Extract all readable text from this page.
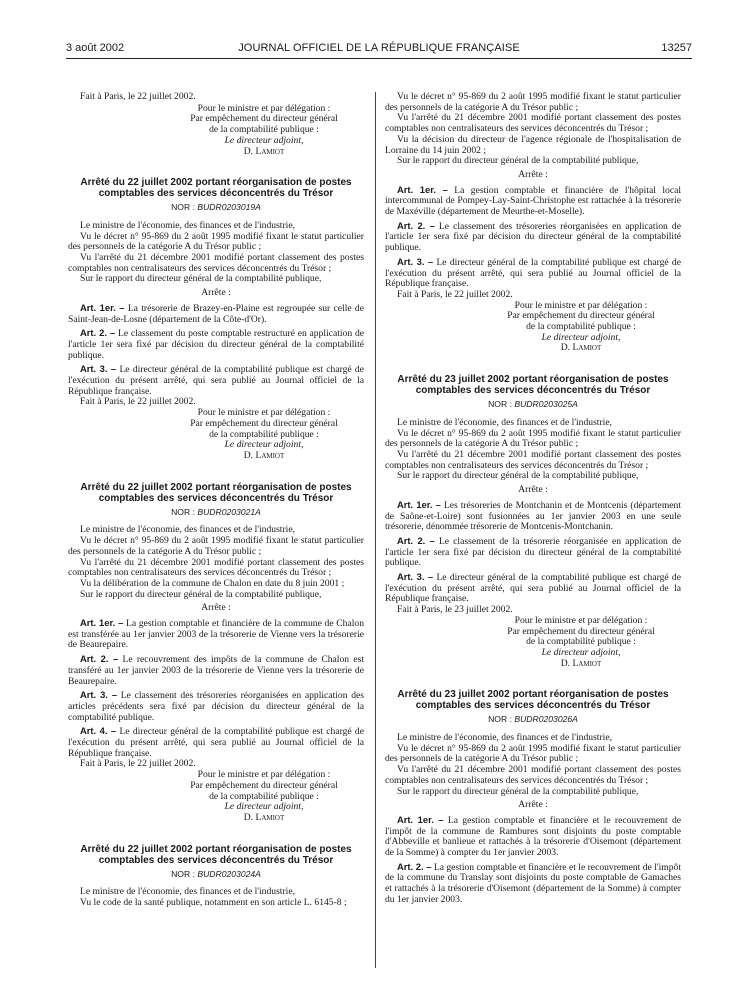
3 août 2002	JOURNAL OFFICIEL DE LA RÉPUBLIQUE FRANÇAISE	13257

Fait à Paris, le 22 juillet 2002.

Pour le ministre et par délégation :
Par empêchement du directeur général
de la comptabilité publique :
Le directeur adjoint,
D. Lamiot
Arrêté du 22 juillet 2002 portant réorganisation de postes comptables des services déconcentrés du Trésor
NOR : BUDR0203019A

Le ministre de l'économie, des finances et de l'industrie,

Vu le décret n° 95-869 du 2 août 1995 modifié fixant le statut particulier des personnels de la catégorie A du Trésor public ;

Vu l'arrêté du 21 décembre 2001 modifié portant classement des postes comptables non centralisateurs des services déconcentrés du Trésor ;

Sur le rapport du directeur général de la comptabilité publique,

Arrête :

Art. 1er. – La trésorerie de Brazey-en-Plaine est regroupée sur celle de Saint-Jean-de-Losne (département de la Côte-d'Or).

Art. 2. – Le classement du poste comptable restructuré en application de l'article 1er sera fixé par décision du directeur général de la comptabilité publique.

Art. 3. – Le directeur général de la comptabilité publique est chargé de l'exécution du présent arrêté, qui sera publié au Journal officiel de la République française.

Fait à Paris, le 22 juillet 2002.

Pour le ministre et par délégation :
Par empêchement du directeur général
de la comptabilité publique :
Le directeur adjoint,
D. Lamiot
Arrêté du 22 juillet 2002 portant réorganisation de postes comptables des services déconcentrés du Trésor
NOR : BUDR0203021A

Le ministre de l'économie, des finances et de l'industrie,

Vu le décret n° 95-869 du 2 août 1995 modifié fixant le statut particulier des personnels de la catégorie A du Trésor public ;

Vu l'arrêté du 21 décembre 2001 modifié portant classement des postes comptables non centralisateurs des services déconcentrés du Trésor ;

Vu la délibération de la commune de Chalon en date du 8 juin 2001 ;

Sur le rapport du directeur général de la comptabilité publique,

Arrête :

Art. 1er. – La gestion comptable et financière de la commune de Chalon est transférée au 1er janvier 2003 de la trésorerie de Vienne vers la trésorerie de Beaurepaire.

Art. 2. – Le recouvrement des impôts de la commune de Chalon est transféré au 1er janvier 2003 de la trésorerie de Vienne vers la trésorerie de Beaurepaire.

Art. 3. – Le classement des trésoreries réorganisées en application des articles précédents sera fixé par décision du directeur général de la comptabilité publique.

Art. 4. – Le directeur général de la comptabilité publique est chargé de l'exécution du présent arrêté, qui sera publié au Journal officiel de la République française.

Fait à Paris, le 22 juillet 2002.

Pour le ministre et par délégation :
Par empêchement du directeur général
de la comptabilité publique :
Le directeur adjoint,
D. Lamiot
Arrêté du 22 juillet 2002 portant réorganisation de postes comptables des services déconcentrés du Trésor
NOR : BUDR0203024A

Le ministre de l'économie, des finances et de l'industrie,

Vu le code de la santé publique, notamment en son article L. 6145-8 ;

Vu le décret n° 95-869 du 2 août 1995 modifié fixant le statut particulier des personnels de la catégorie A du Trésor public ;

Vu l'arrêté du 21 décembre 2001 modifié portant classement des postes comptables non centralisateurs des services déconcentrés du Trésor ;

Vu la décision du directeur de l'agence régionale de l'hospitalisation de Lorraine du 14 juin 2002 ;

Sur le rapport du directeur général de la comptabilité publique,

Arrête :

Art. 1er. – La gestion comptable et financière de l'hôpital local intercommunal de Pompey-Lay-Saint-Christophe est rattachée à la trésorerie de Maxéville (département de Meurthe-et-Moselle).

Art. 2. – Le classement des trésoreries réorganisées en application de l'article 1er sera fixé par décision du directeur général de la comptabilité publique.

Art. 3. – Le directeur général de la comptabilité publique est chargé de l'exécution du présent arrêté, qui sera publié au Journal officiel de la République française.

Fait à Paris, le 22 juillet 2002.

Pour le ministre et par délégation :
Par empêchement du directeur général
de la comptabilité publique :
Le directeur adjoint,
D. Lamiot
Arrêté du 23 juillet 2002 portant réorganisation de postes comptables des services déconcentrés du Trésor
NOR : BUDR0203025A

Le ministre de l'économie, des finances et de l'industrie,

Vu le décret n° 95-869 du 2 août 1995 modifié fixant le statut particulier des personnels de la catégorie A du Trésor public ;

Vu l'arrêté du 21 décembre 2001 modifié portant classement des postes comptables non centralisateurs des services déconcentrés du Trésor ;

Sur le rapport du directeur général de la comptabilité publique,

Arrête :

Art. 1er. – Les trésoreries de Montchanin et de Montcenis (département de Saône-et-Loire) sont fusionnées au 1er janvier 2003 en une seule trésorerie, dénommée trésorerie de Montcenis-Montchanin.

Art. 2. – Le classement de la trésorerie réorganisée en application de l'article 1er sera fixé par décision du directeur général de la comptabilité publique.

Art. 3. – Le directeur général de la comptabilité publique est chargé de l'exécution du présent arrêté, qui sera publié au Journal officiel de la République française.

Fait à Paris, le 23 juillet 2002.

Pour le ministre et par délégation :
Par empêchement du directeur général
de la comptabilité publique :
Le directeur adjoint,
D. Lamiot
Arrêté du 23 juillet 2002 portant réorganisation de postes comptables des services déconcentrés du Trésor
NOR : BUDR0203026A

Le ministre de l'économie, des finances et de l'industrie,

Vu le décret n° 95-869 du 2 août 1995 modifié fixant le statut particulier des personnels de la catégorie A du Trésor public ;

Vu l'arrêté du 21 décembre 2001 modifié portant classement des postes comptables non centralisateurs des services déconcentrés du Trésor ;

Sur le rapport du directeur général de la comptabilité publique,

Arrête :

Art. 1er. – La gestion comptable et financière et le recouvrement de l'impôt de la commune de Rambures sont disjoints du poste comptable d'Abbeville et banlieue et rattachés à la trésorerie d'Oisemont (département de la Somme) à compter du 1er janvier 2003.

Art. 2. – La gestion comptable et financière et le recouvrement de l'impôt de la commune du Translay sont disjoints du poste comptable de Gamaches et rattachés à la trésorerie d'Oisemont (département de la Somme) à compter du 1er janvier 2003.
